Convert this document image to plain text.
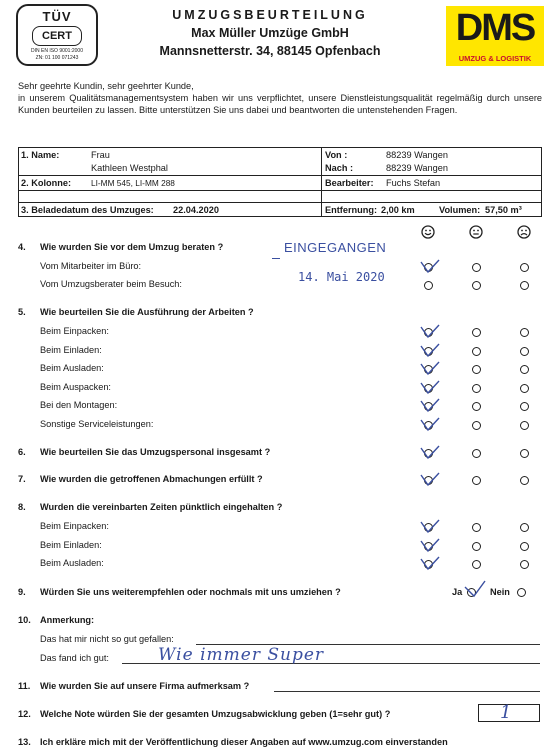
TÜV
CERT
DIN EN ISO 9001:2000
ZN: 01 100 071243
UMZUGSBEURTEILUNG
Max Müller Umzüge GmbH
Mannsnetterstr. 34, 88145 Opfenbach
DMS
UMZUG & LOGISTIK

Sehr geehrte Kundin, sehr geehrter Kunde,

in unserem Qualitätsmanagementsystem haben wir uns verpflichtet, unsere Dienstleistungsqualität regelmäßig durch unsere Kunden beurteilen zu lassen. Bitte unterstützen Sie uns dabei und beantworten die untenstehenden Fragen.

1. Name:	Frau
Kathleen Westphal
Von :	88239 Wangen
Nach :	88239 Wangen
2. Kolonne: LI-MM 545, LI-MM 288	Bearbeiter: Fuchs Stefan
3. Beladedatum des Umzuges: 22.04.2020	Entfernung: 2,00 km	Volumen: 57,50 m³
EINGEGANGEN
14. Mai 2020
4. Wie wurden Sie vor dem Umzug beraten ?
Vom Mitarbeiter im Büro:
Vom Umzugsberater beim Besuch:
5. Wie beurteilen Sie die Ausführung der Arbeiten ?
Beim Einpacken:
Beim Einladen:
Beim Ausladen:
Beim Auspacken:
Bei den Montagen:
Sonstige Serviceleistungen:
6. Wie beurteilen Sie das Umzugspersonal insgesamt ?
7. Wie wurden die getroffenen Abmachungen erfüllt ?
8. Wurden die vereinbarten Zeiten pünktlich eingehalten ?
Beim Einpacken:
Beim Einladen:
Beim Ausladen:
9. Würden Sie uns weiterempfehlen oder nochmals mit uns umziehen ?	Ja	Nein
10. Anmerkung:
Das hat mir nicht so gut gefallen:
Das fand ich gut:	Wie immer Super
11. Wie wurden Sie auf unsere Firma aufmerksam ?
12. Welche Note würden Sie der gesamten Umzugsabwicklung geben (1=sehr gut) ?	1
13. Ich erkläre mich mit der Veröffentlichung dieser Angaben auf www.umzug.com einverstanden
